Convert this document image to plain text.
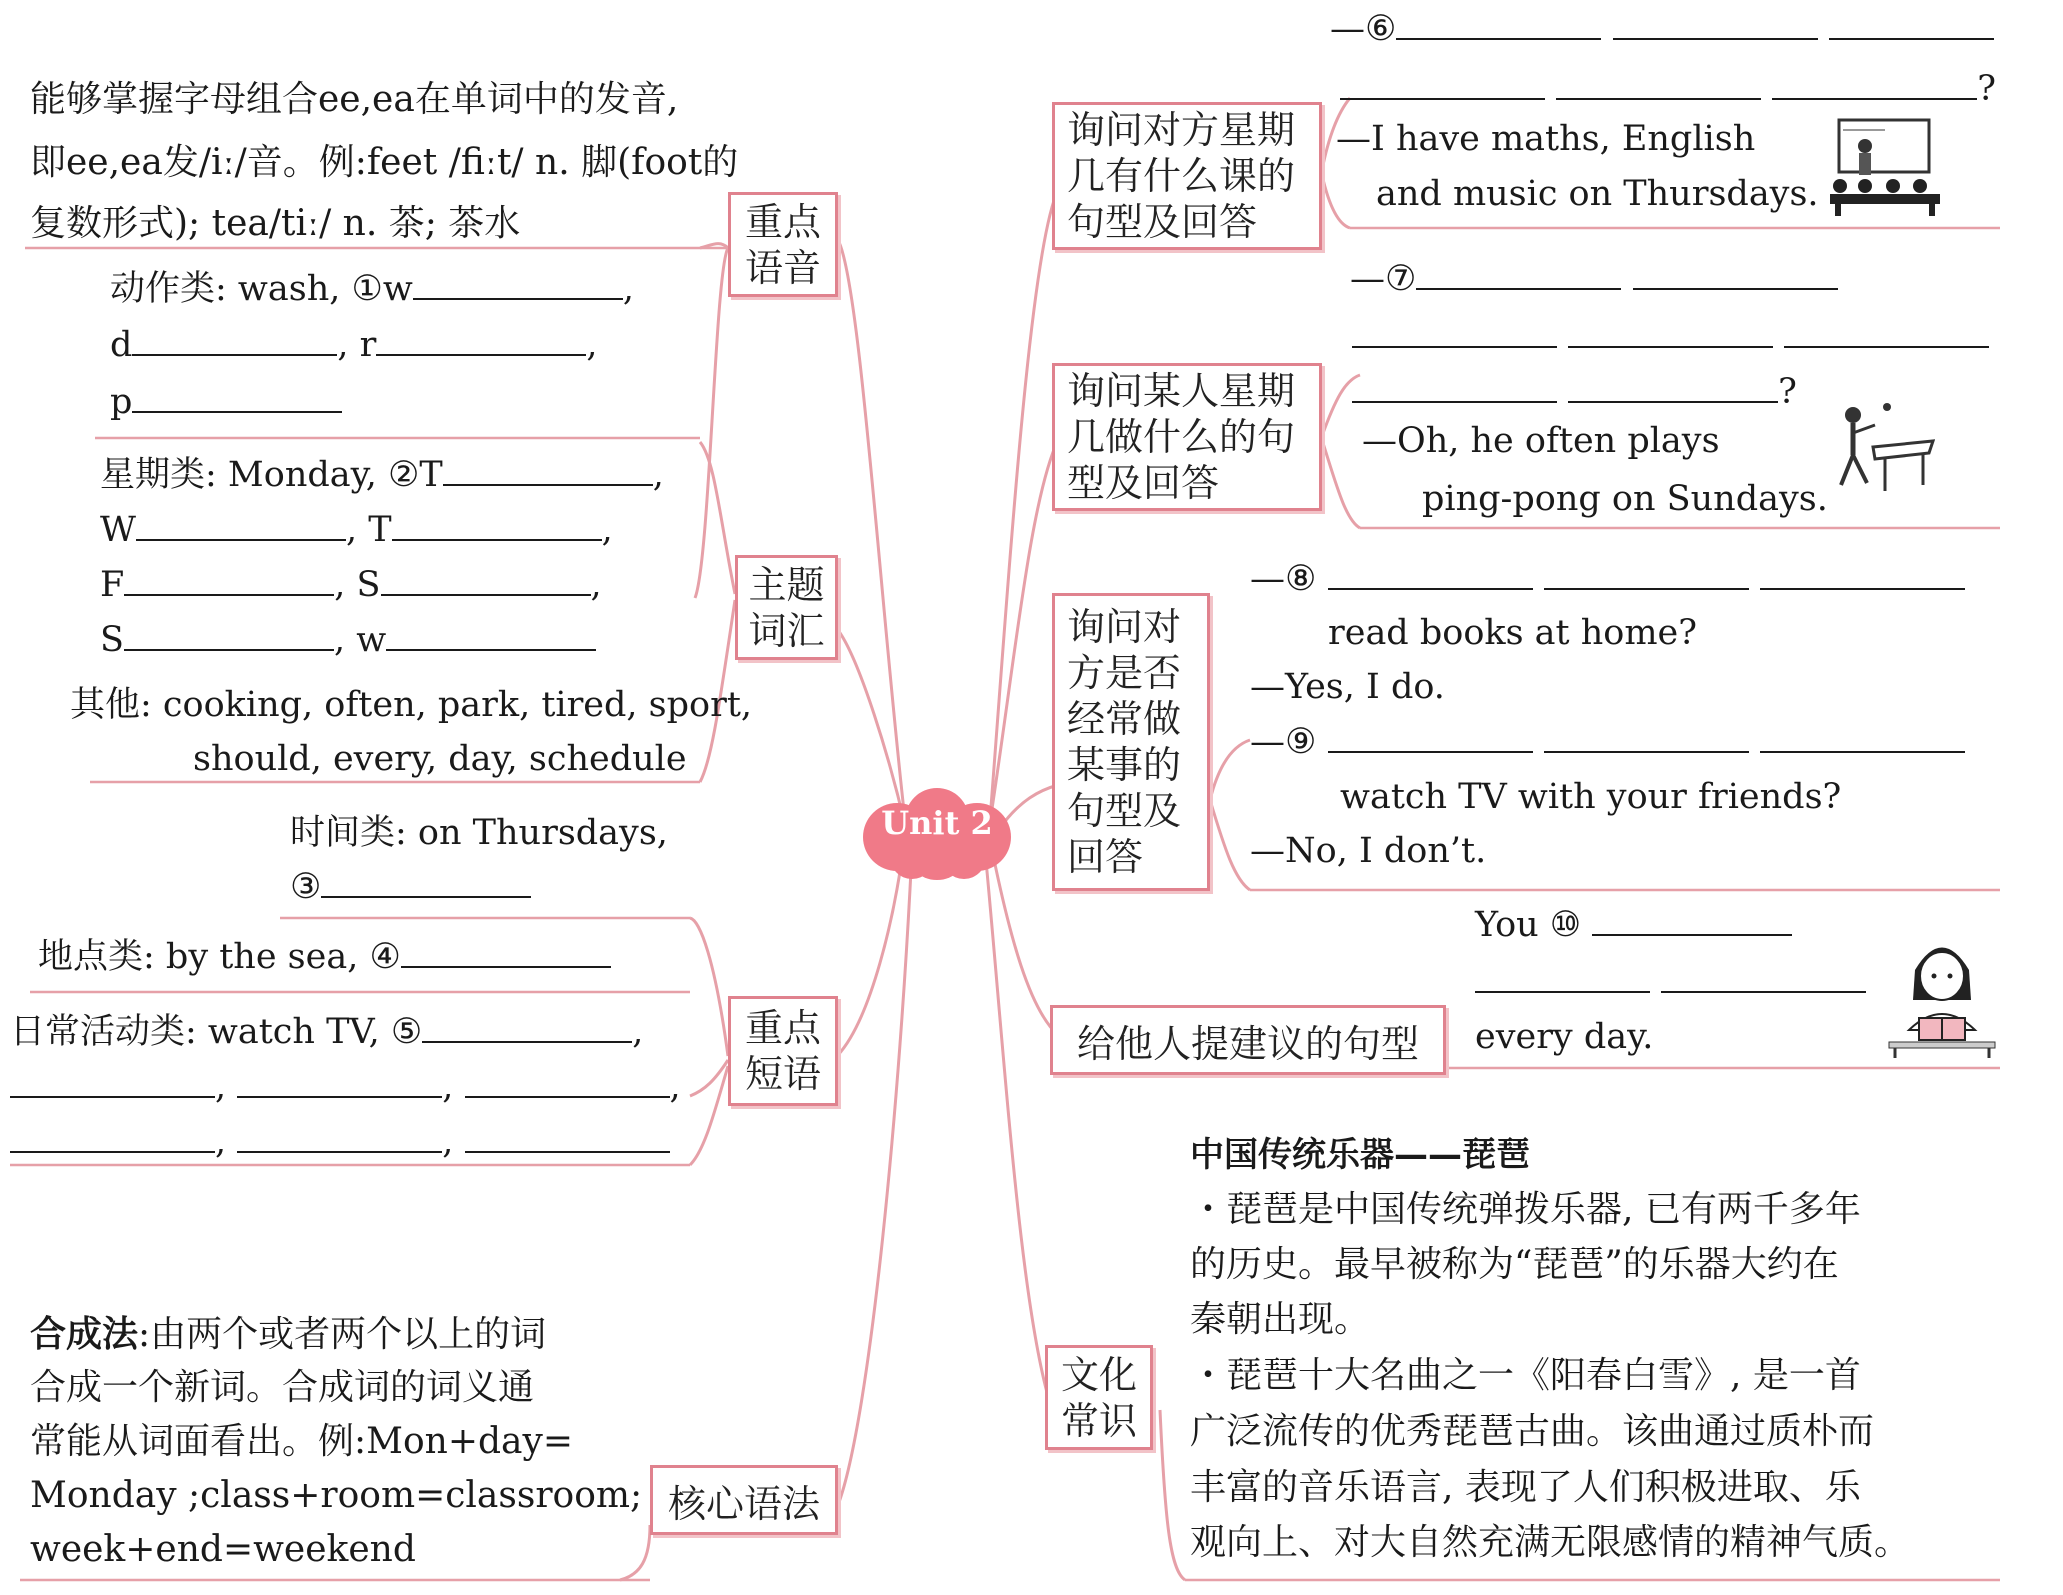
Unit 2
重点语音
主题词汇
重点短语
核心语法
询问对方星期几有什么课的句型及回答
询问某人星期几做什么的句型及回答
询问对方是否经常做某事的句型及回答
给他人提建议的句型
文化常识
能够掌握字母组合ee,ea在单词中的发音,
即ee,ea发/iː/音。例:feet /fiːt/ n. 脚(foot的
复数形式); tea/tiː/ n. 茶; 茶水
动作类: wash, ①w	,
d	, r	,
p
星期类: Monday, ②T	,
W	, T	,
F	, S	,
S	, w
其他: cooking, often, park, tired, sport,
should, every, day, schedule
时间类: on Thursdays,
③
地点类: by the sea, ④
日常活动类: watch TV, ⑤	,
,	,	,
,	,
合成法:由两个或者两个以上的词
合成一个新词。合成词的词义通
常能从词面看出。例:Mon+day=
Monday ;class+room=classroom;
week+end=weekend
—⑥
?
—I have maths, English
and music on Thursdays.
—⑦

?
—Oh, he often plays
ping-pong on Sundays.
—⑧
read books at home?
—Yes, I do.
—⑨
watch TV with your friends?
—No, I don’t.
You ⑩

every day.
中国传统乐器——琵琶
・琵琶是中国传统弹拨乐器, 已有两千多年
的历史。最早被称为“琵琶”的乐器大约在
秦朝出现。
・琵琶十大名曲之一《阳春白雪》, 是一首
广泛流传的优秀琵琶古曲。该曲通过质朴而
丰富的音乐语言, 表现了人们积极进取、乐
观向上、对大自然充满无限感情的精神气质。
